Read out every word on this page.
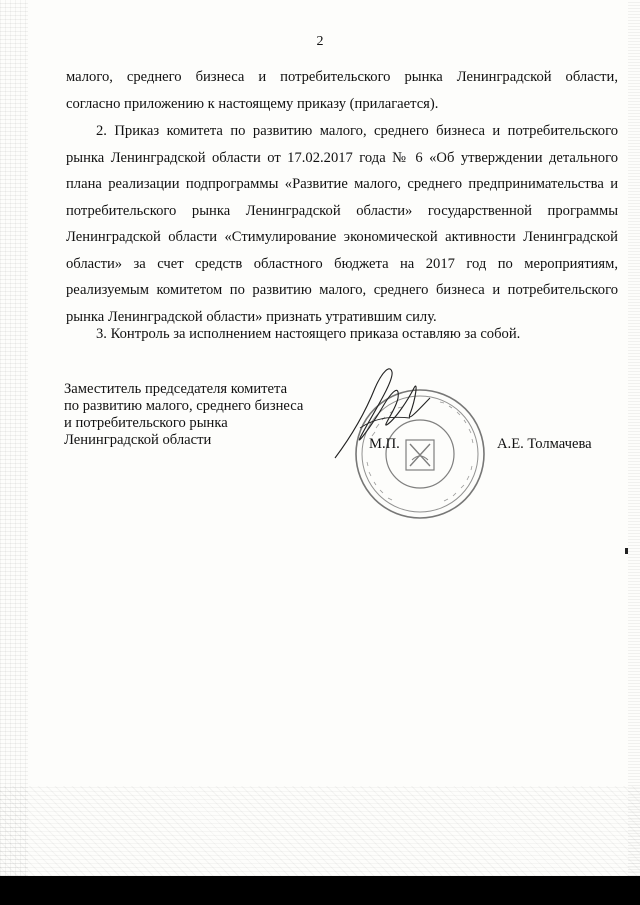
2
малого, среднего бизнеса и потребительского рынка Ленинградской области,
согласно приложению к настоящему приказу (прилагается).
2. Приказ комитета по развитию малого, среднего бизнеса и потребительского рынка Ленинградской области от 17.02.2017 года № 6 «Об утверждении детального плана реализации подпрограммы «Развитие малого, среднего предпринимательства и потребительского рынка Ленинградской области» государственной программы Ленинградской области «Стимулирование экономической активности Ленинградской области» за счет средств областного бюджета на 2017 год по мероприятиям, реализуемым комитетом по развитию малого, среднего бизнеса и потребительского рынка Ленинградской области» признать утратившим силу.
3. Контроль за исполнением настоящего приказа оставляю за собой.
Заместитель председателя комитета
по развитию малого, среднего бизнеса
и потребительского рынка
Ленинградской области	М.П.	А.Е. Толмачева
